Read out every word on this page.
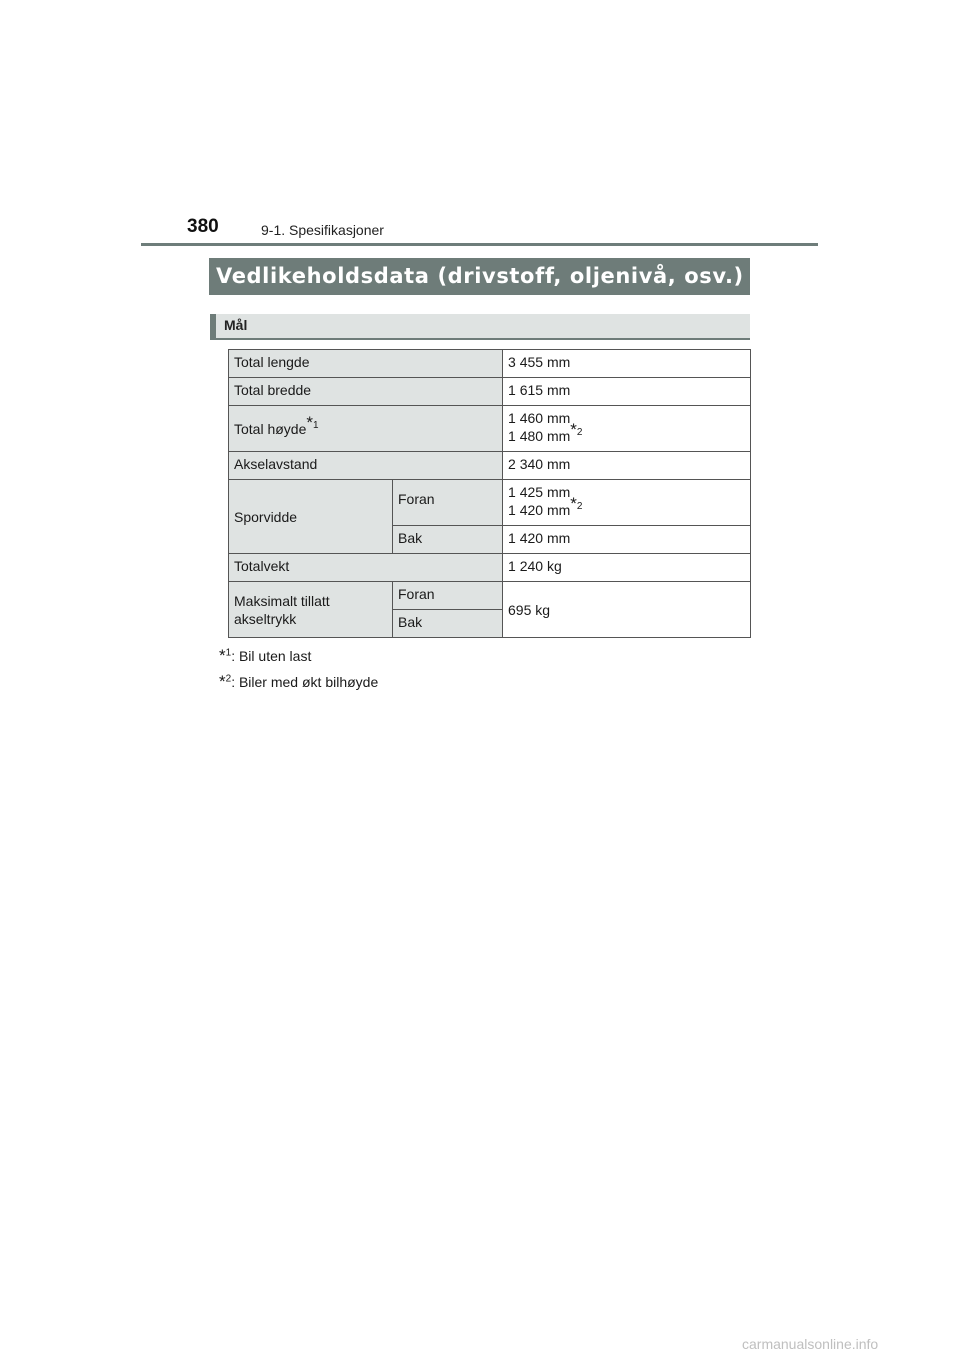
380	9-1. Spesifikasjoner
Vedlikeholdsdata (drivstoff, oljenivå, osv.)
Mål
Total lengde		3 455 mm
Total bredde		1 615 mm
Total høyde$^{*1}$		1 460 mm
1 480 $mm^{*2}$
Akselavstand		2 340 mm
Sporvidde	Foran	1 425 mm
1 420 $mm^{*2}$
	Bak	1 420 mm
Totalvekt		1 240 kg
Maksimalt tillatt
akseltrykk	Foran	695 kg
	Bak	
*$^1$: Bil uten last
*$^2$: Biler med økt bilhøyde
carmanualsonline.info
